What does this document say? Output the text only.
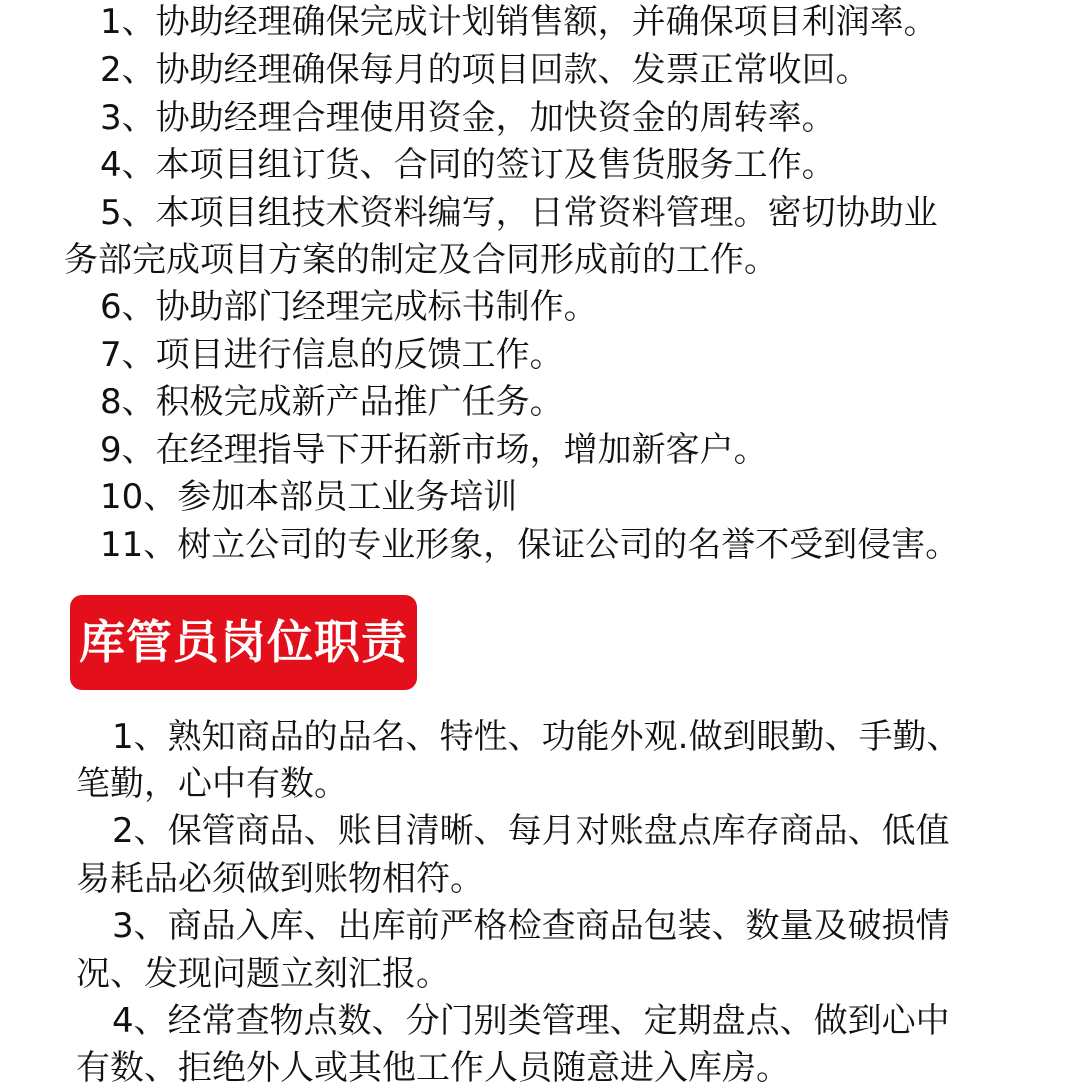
1、协助经理确保完成计划销售额，并确保项目利润率。
2、协助经理确保每月的项目回款、发票正常收回。
3、协助经理合理使用资金，加快资金的周转率。
4、本项目组订货、合同的签订及售货服务工作。
5、本项目组技术资料编写，日常资料管理。密切协助业
务部完成项目方案的制定及合同形成前的工作。
6、协助部门经理完成标书制作。
7、项目进行信息的反馈工作。
8、积极完成新产品推广任务。
9、在经理指导下开拓新市场，增加新客户。
10、参加本部员工业务培训
11、树立公司的专业形象，保证公司的名誉不受到侵害。
库管员岗位职责
1、熟知商品的品名、特性、功能外观.做到眼勤、手勤、
笔勤，心中有数。
2、保管商品、账目清晰、每月对账盘点库存商品、低值
易耗品必须做到账物相符。
3、商品入库、出库前严格检查商品包装、数量及破损情
况、发现问题立刻汇报。
4、经常查物点数、分门别类管理、定期盘点、做到心中
有数、拒绝外人或其他工作人员随意进入库房。
